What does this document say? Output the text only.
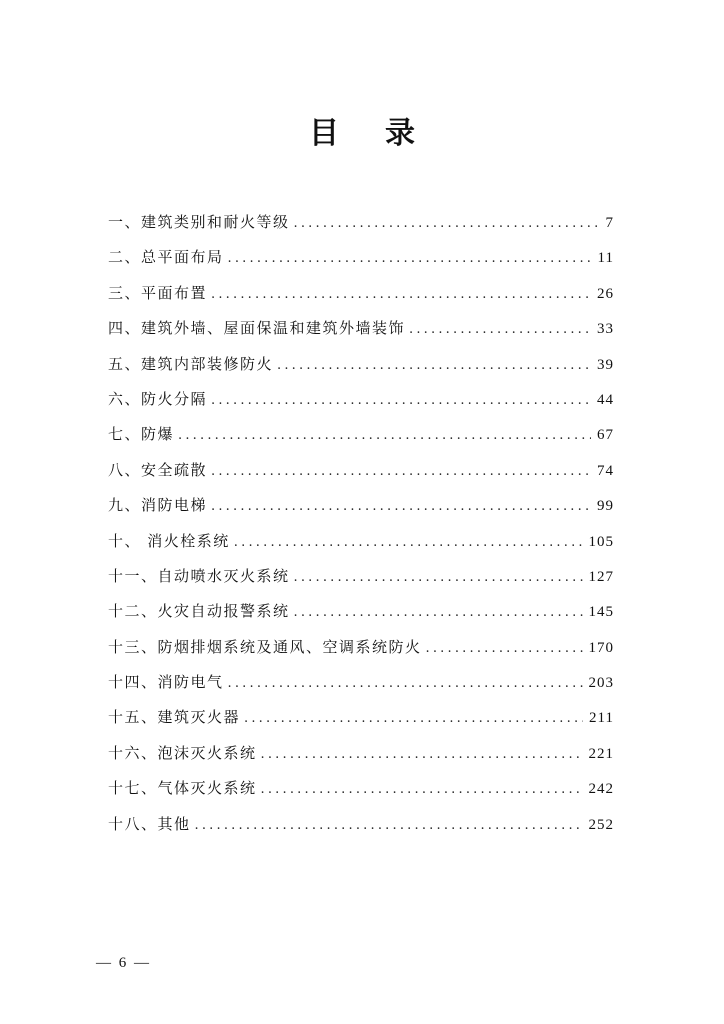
目录
一、建筑类别和耐火等级 .....	7
二、总平面布局 .....	11
三、平面布置 .....	26
四、建筑外墙、屋面保温和建筑外墙装饰 .....	33
五、建筑内部装修防火 .....	39
六、防火分隔 .....	44
七、防爆 .....	67
八、安全疏散 .....	74
九、消防电梯 .....	99
十、 消火栓系统 .....	105
十一、自动喷水灭火系统 .....	127
十二、火灾自动报警系统 .....	145
十三、防烟排烟系统及通风、空调系统防火 .....	170
十四、消防电气 .....	203
十五、建筑灭火器 .....	211
十六、泡沫灭火系统 .....	221
十七、气体灭火系统 .....	242
十八、其他 .....	252
— 6 —
